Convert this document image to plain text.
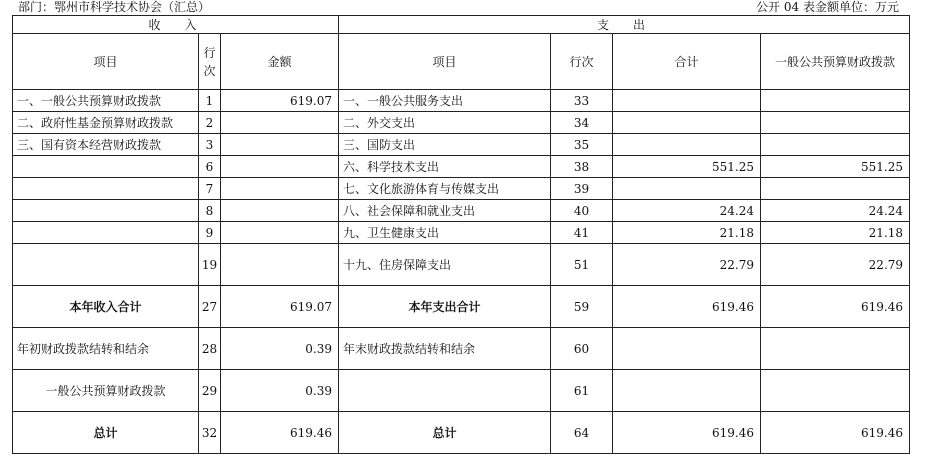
部门：鄂州市科学技术协会（汇总）	公开 04 表金额单位：万元
收　入			支　出			
项目	行次	金额	项目	行次	合计	一般公共预算财政拨款
一、一般公共预算财政拨款	1	619.07	一、一般公共服务支出	33		
二、政府性基金预算财政拨款	2		二、外交支出	34		
三、国有资本经营财政拨款	3		三、国防支出	35		
	6		六、科学技术支出	38	551.25	551.25
	7		七、文化旅游体育与传媒支出	39		
	8		八、社会保障和就业支出	40	24.24	24.24
	9		九、卫生健康支出	41	21.18	21.18
	19		十九、住房保障支出	51	22.79	22.79
本年收入合计	27	619.07	本年支出合计	59	619.46	619.46
年初财政拨款结转和结余	28	0.39	年末财政拨款结转和结余	60		
一般公共预算财政拨款	29	0.39		61		
总计	32	619.46	总计	64	619.46	619.46
